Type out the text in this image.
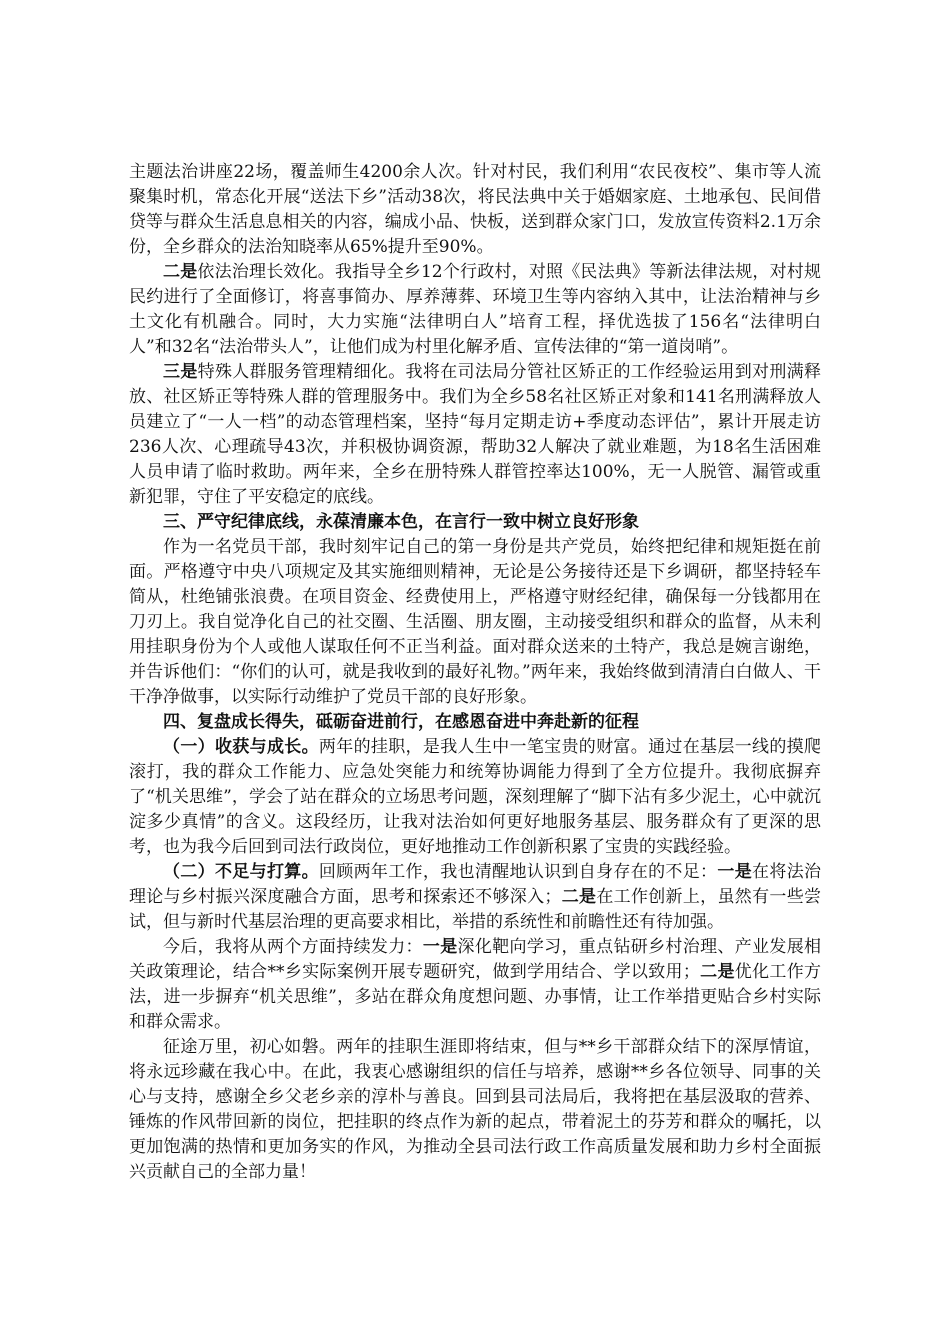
主题法治讲座22场，覆盖师生4200余人次。针对村民，我们利用“农民夜校”、集市等人流聚集时机，常态化开展“送法下乡”活动38次，将民法典中关于婚姻家庭、土地承包、民间借贷等与群众生活息息相关的内容，编成小品、快板，送到群众家门口，发放宣传资料2.1万余份，全乡群众的法治知晓率从65%提升至90%。

二是依法治理长效化。我指导全乡12个行政村，对照《民法典》等新法律法规，对村规民约进行了全面修订，将喜事简办、厚养薄葬、环境卫生等内容纳入其中，让法治精神与乡土文化有机融合。同时，大力实施“法律明白人”培育工程，择优选拔了156名“法律明白人”和32名“法治带头人”，让他们成为村里化解矛盾、宣传法律的“第一道岗哨”。

三是特殊人群服务管理精细化。我将在司法局分管社区矫正的工作经验运用到对刑满释放、社区矫正等特殊人群的管理服务中。我们为全乡58名社区矫正对象和141名刑满释放人员建立了“一人一档”的动态管理档案，坚持“每月定期走访+季度动态评估”，累计开展走访236人次、心理疏导43次，并积极协调资源，帮助32人解决了就业难题，为18名生活困难人员申请了临时救助。两年来，全乡在册特殊人群管控率达100%，无一人脱管、漏管或重新犯罪，守住了平安稳定的底线。

三、严守纪律底线，永葆清廉本色，在言行一致中树立良好形象

作为一名党员干部，我时刻牢记自己的第一身份是共产党员，始终把纪律和规矩挺在前面。严格遵守中央八项规定及其实施细则精神，无论是公务接待还是下乡调研，都坚持轻车简从，杜绝铺张浪费。在项目资金、经费使用上，严格遵守财经纪律，确保每一分钱都用在刀刃上。我自觉净化自己的社交圈、生活圈、朋友圈，主动接受组织和群众的监督，从未利用挂职身份为个人或他人谋取任何不正当利益。面对群众送来的土特产，我总是婉言谢绝，并告诉他们：“你们的认可，就是我收到的最好礼物。”两年来，我始终做到清清白白做人、干干净净做事，以实际行动维护了党员干部的良好形象。

四、复盘成长得失，砥砺奋进前行，在感恩奋进中奔赴新的征程

（一）收获与成长。两年的挂职，是我人生中一笔宝贵的财富。通过在基层一线的摸爬滚打，我的群众工作能力、应急处突能力和统筹协调能力得到了全方位提升。我彻底摒弃了“机关思维”，学会了站在群众的立场思考问题，深刻理解了“脚下沾有多少泥土，心中就沉淀多少真情”的含义。这段经历，让我对法治如何更好地服务基层、服务群众有了更深的思考，也为我今后回到司法行政岗位，更好地推动工作创新积累了宝贵的实践经验。

（二）不足与打算。回顾两年工作，我也清醒地认识到自身存在的不足：一是在将法治理论与乡村振兴深度融合方面，思考和探索还不够深入；二是在工作创新上，虽然有一些尝试，但与新时代基层治理的更高要求相比，举措的系统性和前瞻性还有待加强。

今后，我将从两个方面持续发力：一是深化靶向学习，重点钻研乡村治理、产业发展相关政策理论，结合**乡实际案例开展专题研究，做到学用结合、学以致用；二是优化工作方法，进一步摒弃“机关思维”，多站在群众角度想问题、办事情，让工作举措更贴合乡村实际和群众需求。

征途万里，初心如磐。两年的挂职生涯即将结束，但与**乡干部群众结下的深厚情谊，将永远珍藏在我心中。在此，我衷心感谢组织的信任与培养，感谢**乡各位领导、同事的关心与支持，感谢全乡父老乡亲的淳朴与善良。回到县司法局后，我将把在基层汲取的营养、锤炼的作风带回新的岗位，把挂职的终点作为新的起点，带着泥土的芬芳和群众的嘱托，以更加饱满的热情和更加务实的作风，为推动全县司法行政工作高质量发展和助力乡村全面振兴贡献自己的全部力量！
